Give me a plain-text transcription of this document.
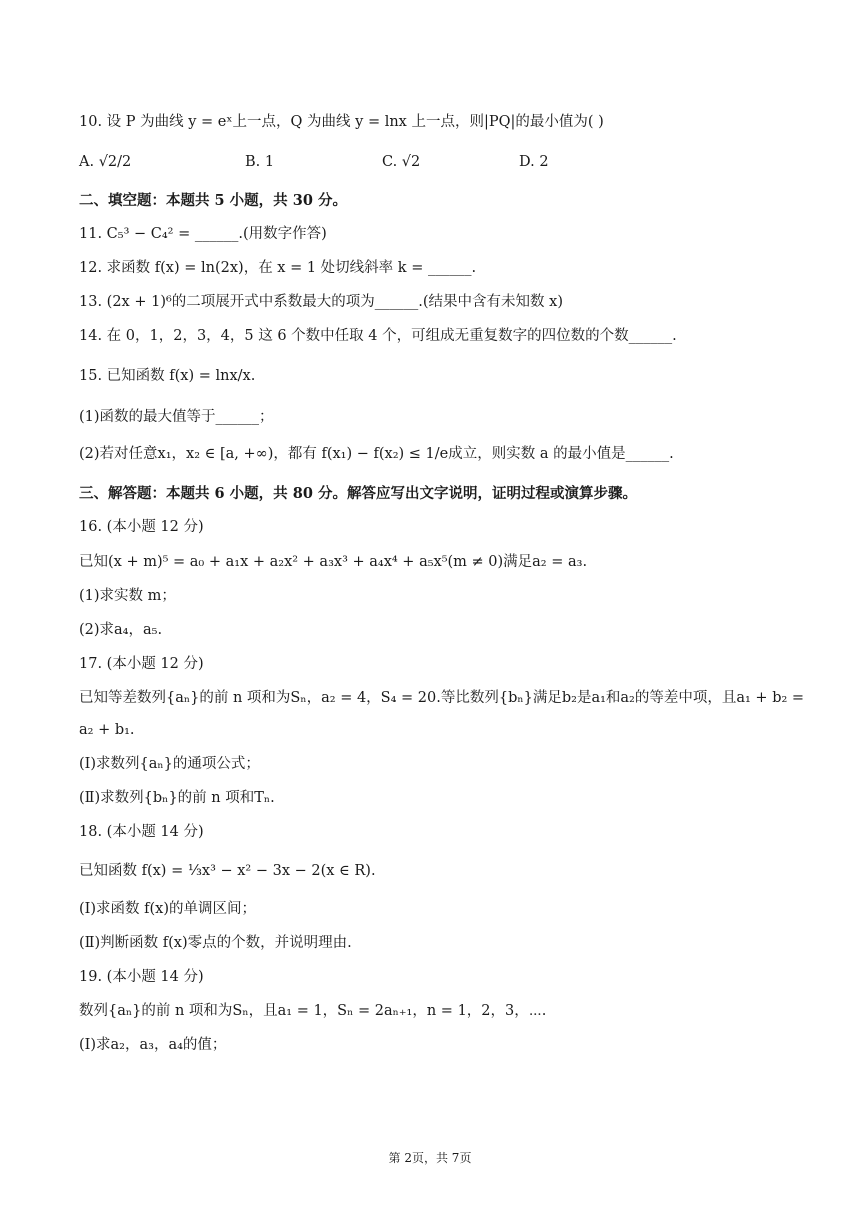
10. 设 P 为曲线 y = eˣ上一点，Q 为曲线 y = lnx 上一点，则|PQ|的最小值为( )
A. √2/2	B. 1	C. √2	D. 2
二、填空题：本题共 5 小题，共 30 分。
11. C₅³ − C₄² = ______.(用数字作答)
12. 求函数 f(x) = ln(2x)，在 x = 1 处切线斜率 k = ______.
13. (2x + 1)⁶的二项展开式中系数最大的项为______.(结果中含有未知数 x)
14. 在 0，1，2，3，4，5 这 6 个数中任取 4 个，可组成无重复数字的四位数的个数______.
15. 已知函数 f(x) = lnx/x.
(1)函数的最大值等于______；
(2)若对任意x₁，x₂ ∈ [a, +∞)，都有 f(x₁) − f(x₂) ≤ 1/e成立，则实数 a 的最小值是______.
三、解答题：本题共 6 小题，共 80 分。解答应写出文字说明，证明过程或演算步骤。
16. (本小题 12 分)
已知(x + m)⁵ = a₀ + a₁x + a₂x² + a₃x³ + a₄x⁴ + a₅x⁵(m ≠ 0)满足a₂ = a₃.
(1)求实数 m；
(2)求a₄，a₅.
17. (本小题 12 分)
已知等差数列{aₙ}的前 n 项和为Sₙ，a₂ = 4，S₄ = 20.等比数列{bₙ}满足b₂是a₁和a₂的等差中项，且a₁ + b₂ =
a₂ + b₁.
(Ⅰ)求数列{aₙ}的通项公式；
(Ⅱ)求数列{bₙ}的前 n 项和Tₙ.
18. (本小题 14 分)
已知函数 f(x) = ⅓x³ − x² − 3x − 2(x ∈ R).
(Ⅰ)求函数 f(x)的单调区间；
(Ⅱ)判断函数 f(x)零点的个数，并说明理由.
19. (本小题 14 分)
数列{aₙ}的前 n 项和为Sₙ，且a₁ = 1，Sₙ = 2aₙ₊₁，n = 1，2，3，⋯.
(Ⅰ)求a₂，a₃，a₄的值；
第 2页，共 7页
